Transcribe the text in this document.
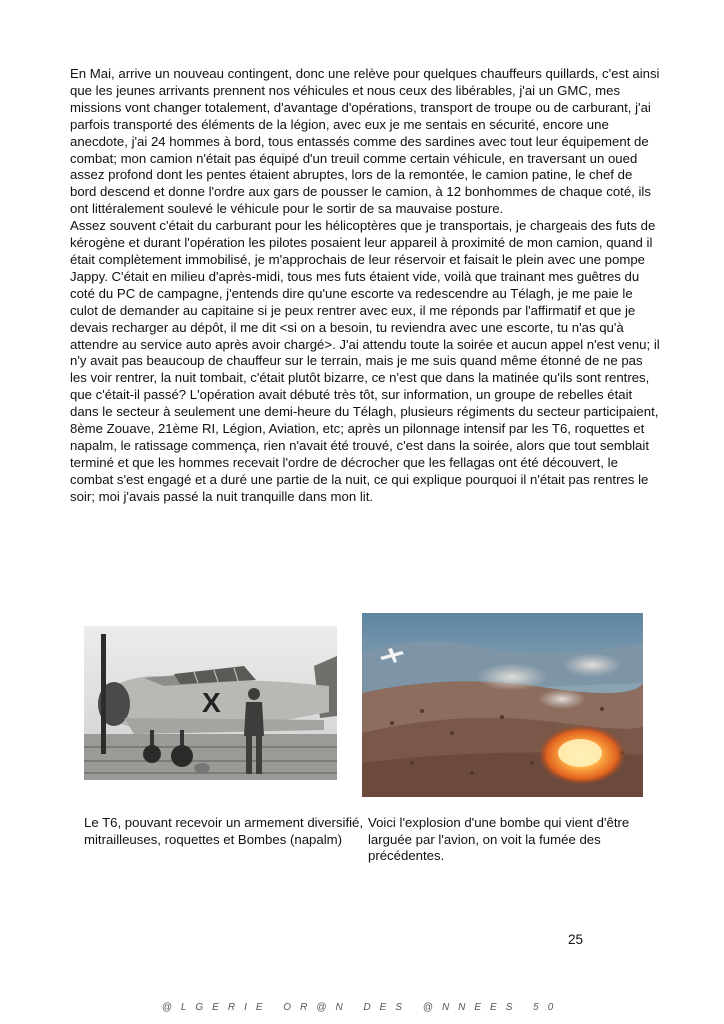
En Mai, arrive un nouveau contingent, donc une relève pour quelques chauffeurs quillards, c'est ainsi que les jeunes arrivants prennent nos véhicules et nous ceux des libérables, j'ai un GMC, mes missions vont changer totalement, d'avantage d'opérations, transport de troupe ou de carburant, j'ai parfois transporté des éléments de la légion, avec eux je me sentais en sécurité, encore une anecdote, j'ai 24 hommes à bord, tous entassés comme des sardines avec tout leur équipement de combat; mon camion n'était pas équipé d'un treuil comme certain véhicule, en traversant un oued assez profond dont les pentes étaient abruptes, lors de la remontée, le camion patine, le chef de bord descend et donne l'ordre aux gars de pousser le camion, à 12 bonhommes de chaque coté, ils ont littéralement soulevé le véhicule pour le sortir de sa mauvaise posture.

Assez souvent c'était du carburant pour les hélicoptères que je transportais, je chargeais des futs de kérogène et durant l'opération les pilotes posaient leur appareil à proximité de mon camion, quand il était complètement immobilisé, je m'approchais de leur réservoir et faisait le plein avec une pompe Jappy. C'était en milieu d'après-midi, tous mes futs étaient vide, voilà que trainant mes guêtres du coté du PC de campagne, j'entends dire qu'une escorte va redescendre au Télagh, je me paie le culot de demander au capitaine si je peux rentrer avec eux, il me réponds par l'affirmatif et que je devais recharger au dépôt, il me dit <si on a besoin, tu reviendra avec une escorte, tu n'as qu'à attendre au service auto après avoir chargé>. J'ai attendu toute la soirée et aucun appel n'est venu; il n'y avait pas beaucoup de chauffeur sur le terrain, mais je me suis quand même étonné de ne pas les voir rentrer, la nuit tombait, c'était plutôt bizarre, ce n'est que dans la matinée qu'ils sont rentres, que c'était-il passé? L'opération avait débuté très tôt, sur information, un groupe de rebelles était dans le secteur à seulement une demi-heure du Télagh, plusieurs régiments du secteur participaient, 8ème Zouave, 21ème RI, Légion, Aviation, etc; après un pilonnage intensif par les T6, roquettes et napalm, le ratissage commença, rien n'avait été trouvé, c'est dans la soirée, alors que tout semblait terminé et que les hommes recevait l'ordre de décrocher que les fellagas ont été découvert, le combat s'est engagé et a duré une partie de la nuit, ce qui explique pourquoi il n'était pas rentres le soir; moi j'avais passé la nuit tranquille dans mon lit.

X
Le T6, pouvant recevoir un armement diversifié, mitrailleuses, roquettes et Bombes (napalm)
Voici l'explosion d'une bombe qui vient d'être larguée par l'avion, on voit la fumée des précédentes.
25
@LGERIE OR@N DES @NNEES 50
